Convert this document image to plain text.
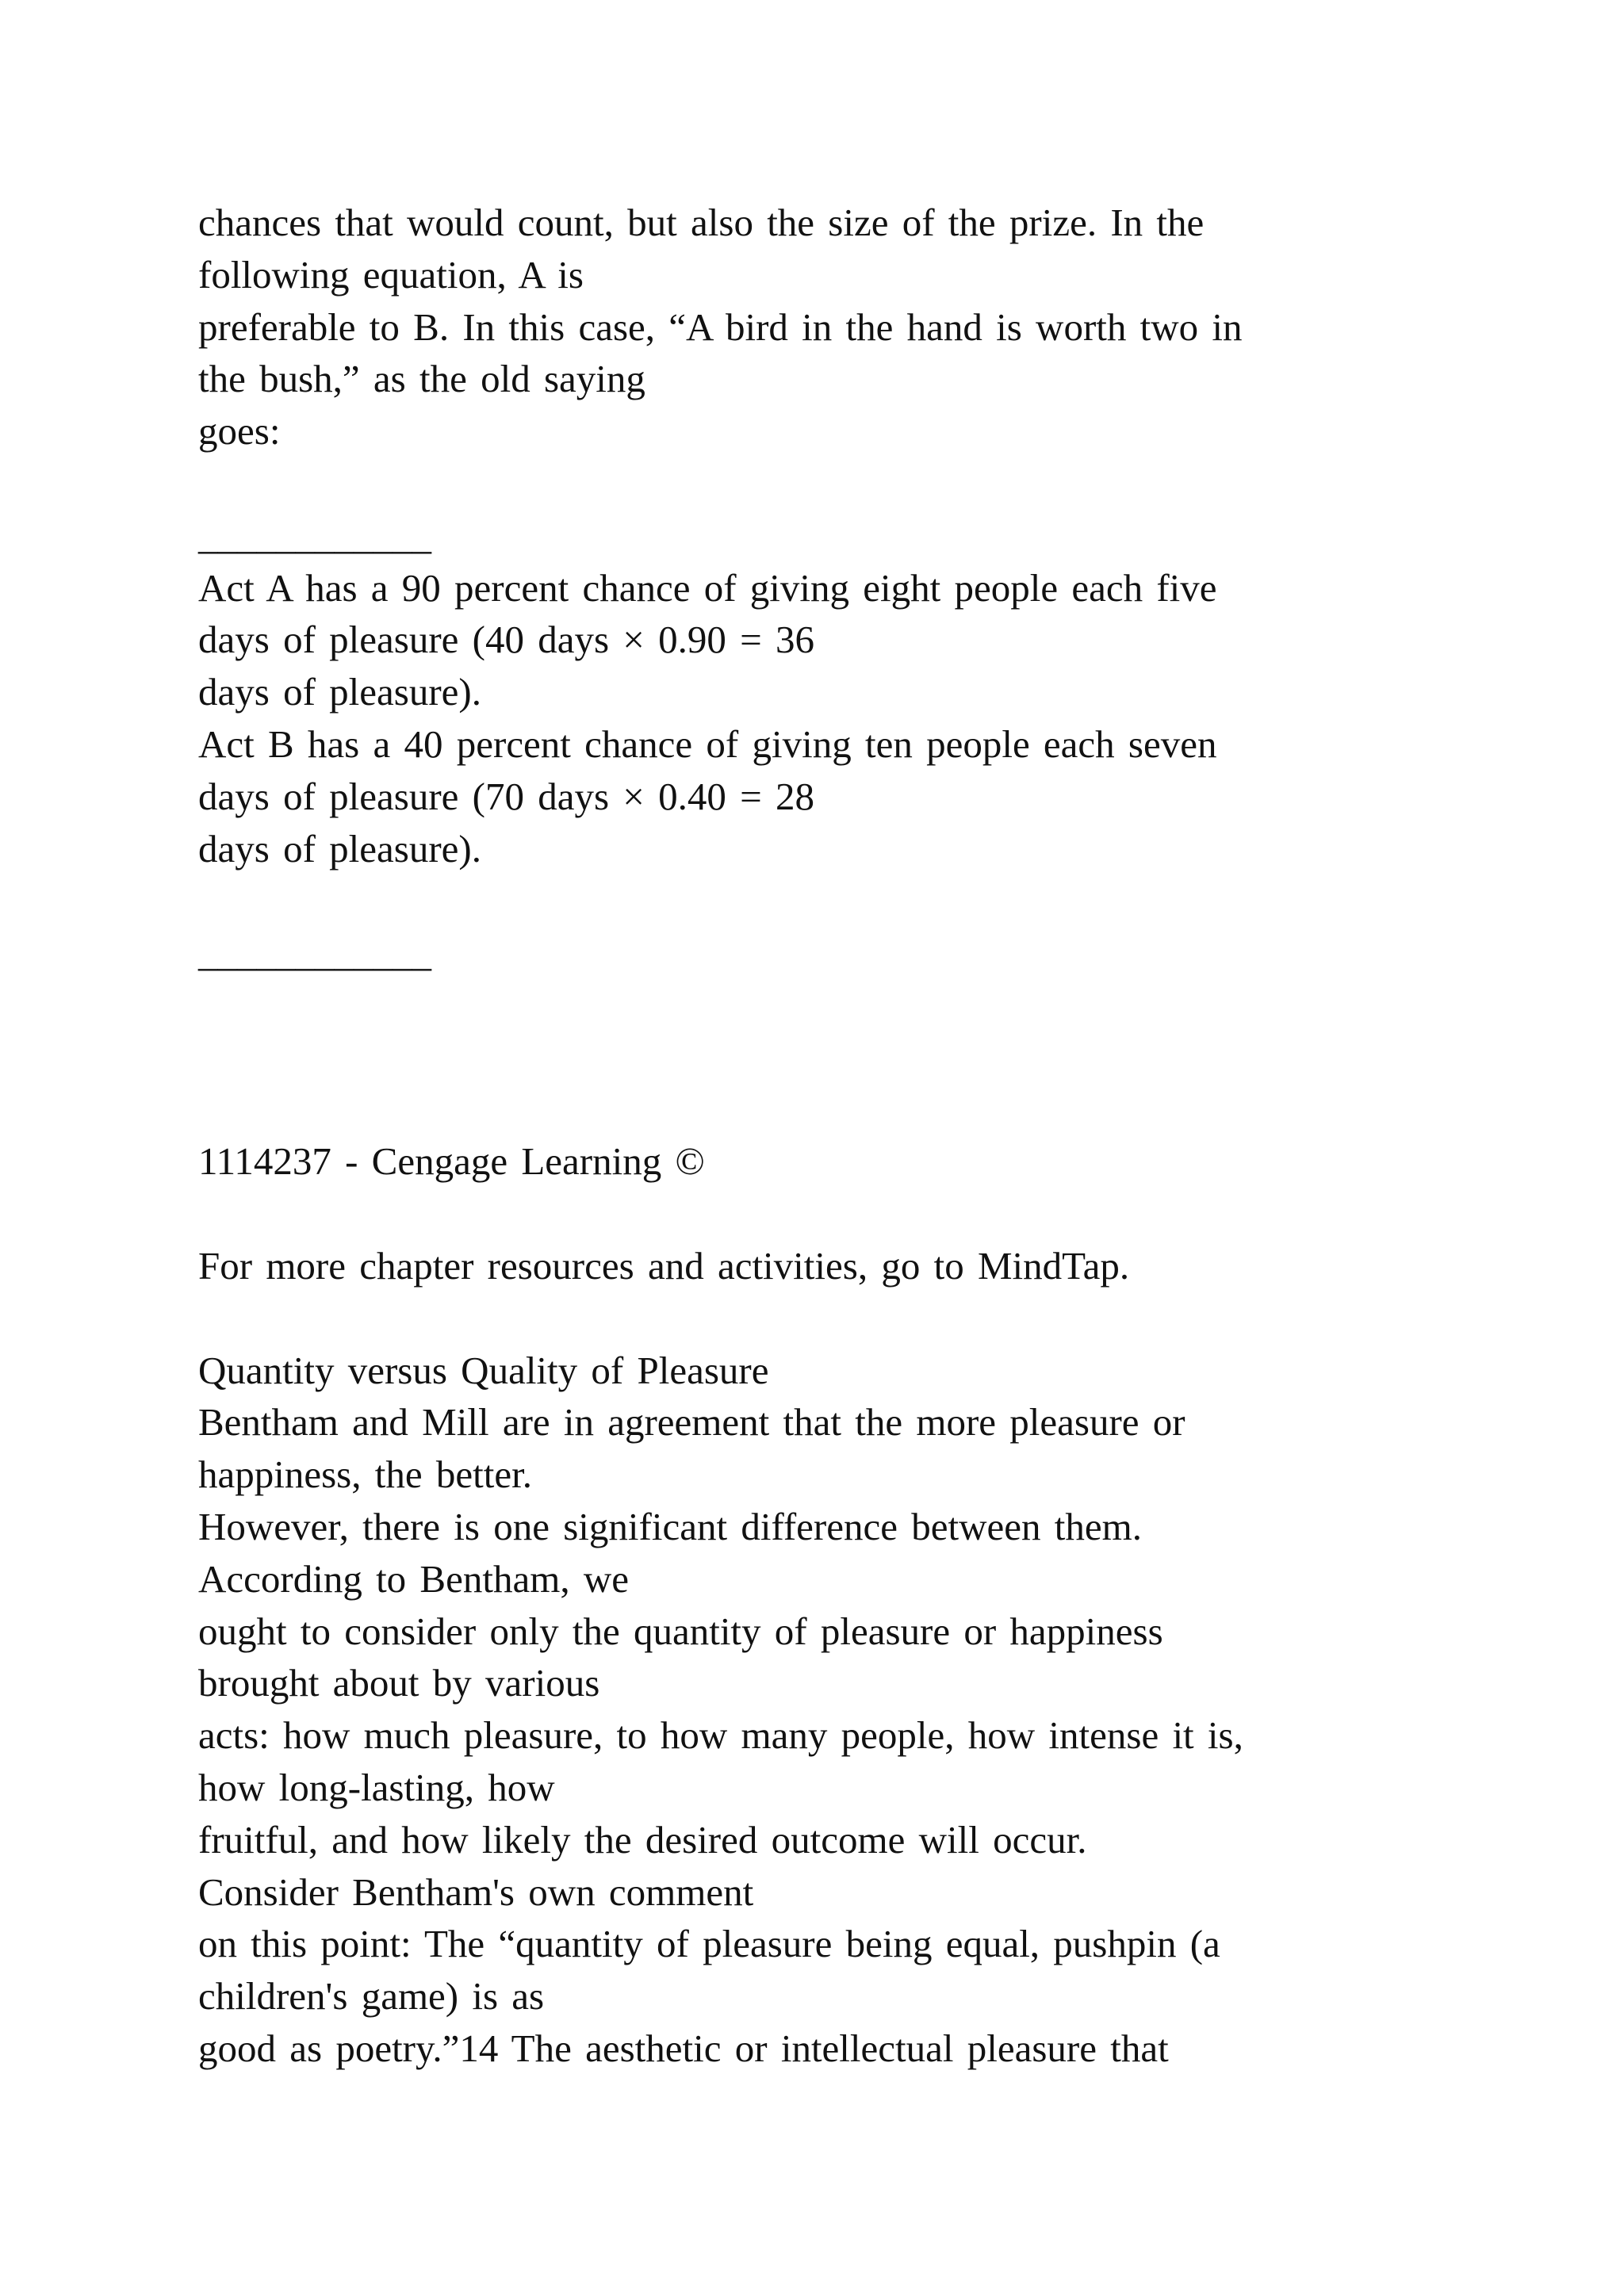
chances that would count, but also the size of the prize. In the
following equation, A is
preferable to B. In this case, “A bird in the hand is worth two in
the bush,” as the old saying
goes:
____________
Act A has a 90 percent chance of giving eight people each five
days of pleasure (40 days × 0.90 = 36
days of pleasure).
Act B has a 40 percent chance of giving ten people each seven
days of pleasure (70 days × 0.40 = 28
days of pleasure).
____________
1114237 - Cengage Learning ©
For more chapter resources and activities, go to MindTap.
Quantity versus Quality of Pleasure
Bentham and Mill are in agreement that the more pleasure or
happiness, the better.
However, there is one significant difference between them.
According to Bentham, we
ought to consider only the quantity of pleasure or happiness
brought about by various
acts: how much pleasure, to how many people, how intense it is,
how long-lasting, how
fruitful, and how likely the desired outcome will occur.
Consider Bentham's own comment
on this point: The “quantity of pleasure being equal, pushpin (a
children's game) is as
good as poetry.”14 The aesthetic or intellectual pleasure that
